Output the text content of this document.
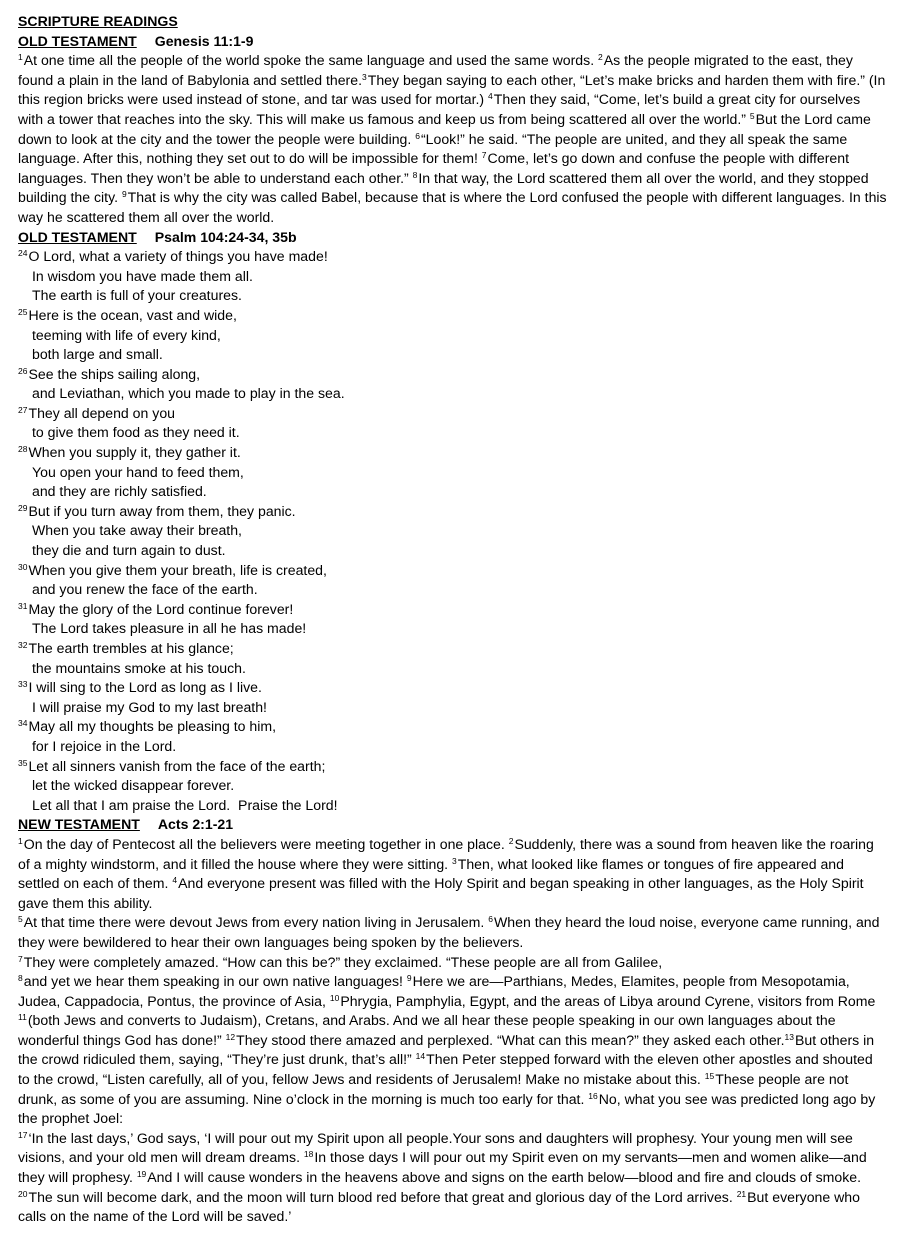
SCRIPTURE READINGS
OLD TESTAMENT Genesis 11:1-9

$^1$At one time all the people of the world spoke the same language and used the same words. $^2$As the people migrated to the east, they found a plain in the land of Babylonia and settled there.$^3$They began saying to each other, “Let’s make bricks and harden them with fire.” (In this region bricks were used instead of stone, and tar was used for mortar.) $^4$Then they said, “Come, let’s build a great city for ourselves with a tower that reaches into the sky. This will make us famous and keep us from being scattered all over the world.” $^5$But the Lord came down to look at the city and the tower the people were building. $^6$“Look!” he said. “The people are united, and they all speak the same language. After this, nothing they set out to do will be impossible for them! $^7$Come, let’s go down and confuse the people with different languages. Then they won’t be able to understand each other.” $^8$In that way, the Lord scattered them all over the world, and they stopped building the city. $^9$That is why the city was called Babel, because that is where the Lord confused the people with different languages. In this way he scattered them all over the world.

OLD TESTAMENT Psalm 104:24-34, 35b
$^{24}$O Lord, what a variety of things you have made!
In wisdom you have made them all.
The earth is full of your creatures.
$^{25}$Here is the ocean, vast and wide,
teeming with life of every kind,
both large and small.
$^{26}$See the ships sailing along,
and Leviathan, which you made to play in the sea.
$^{27}$They all depend on you
to give them food as they need it.
$^{28}$When you supply it, they gather it.
You open your hand to feed them,
and they are richly satisfied.
$^{29}$But if you turn away from them, they panic.
When you take away their breath,
they die and turn again to dust.
$^{30}$When you give them your breath, life is created,
and you renew the face of the earth.
$^{31}$May the glory of the Lord continue forever!
The Lord takes pleasure in all he has made!
$^{32}$The earth trembles at his glance;
the mountains smoke at his touch.
$^{33}$I will sing to the Lord as long as I live.
I will praise my God to my last breath!
$^{34}$May all my thoughts be pleasing to him,
for I rejoice in the Lord.
$^{35}$Let all sinners vanish from the face of the earth;
let the wicked disappear forever.
Let all that I am praise the Lord.  Praise the Lord!
NEW TESTAMENT Acts 2:1-21

$^1$On the day of Pentecost all the believers were meeting together in one place. $^2$Suddenly, there was a sound from heaven like the roaring of a mighty windstorm, and it filled the house where they were sitting. $^3$Then, what looked like flames or tongues of fire appeared and settled on each of them. $^4$And everyone present was filled with the Holy Spirit and began speaking in other languages, as the Holy Spirit gave them this ability.

$^5$At that time there were devout Jews from every nation living in Jerusalem. $^6$When they heard the loud noise, everyone came running, and they were bewildered to hear their own languages being spoken by the believers.

$^7$They were completely amazed. “How can this be?” they exclaimed. “These people are all from Galilee,

$^8$and yet we hear them speaking in our own native languages! $^9$Here we are—Parthians, Medes, Elamites, people from Mesopotamia, Judea, Cappadocia, Pontus, the province of Asia, $^{10}$Phrygia, Pamphylia, Egypt, and the areas of Libya around Cyrene, visitors from Rome $^{11}$(both Jews and converts to Judaism), Cretans, and Arabs. And we all hear these people speaking in our own languages about the wonderful things God has done!” $^{12}$They stood there amazed and perplexed. “What can this mean?” they asked each other.$^{13}$But others in the crowd ridiculed them, saying, “They’re just drunk, that’s all!” $^{14}$Then Peter stepped forward with the eleven other apostles and shouted to the crowd, “Listen carefully, all of you, fellow Jews and residents of Jerusalem! Make no mistake about this. $^{15}$These people are not drunk, as some of you are assuming. Nine o’clock in the morning is much too early for that. $^{16}$No, what you see was predicted long ago by the prophet Joel:

$^{17}$‘In the last days,’ God says, ‘I will pour out my Spirit upon all people.Your sons and daughters will prophesy. Your young men will see visions, and your old men will dream dreams. $^{18}$In those days I will pour out my Spirit even on my servants—men and women alike—and they will prophesy. $^{19}$And I will cause wonders in the heavens above and signs on the earth below—blood and fire and clouds of smoke. $^{20}$The sun will become dark, and the moon will turn blood red before that great and glorious day of the Lord arrives. $^{21}$But everyone who calls on the name of the Lord will be saved.’
